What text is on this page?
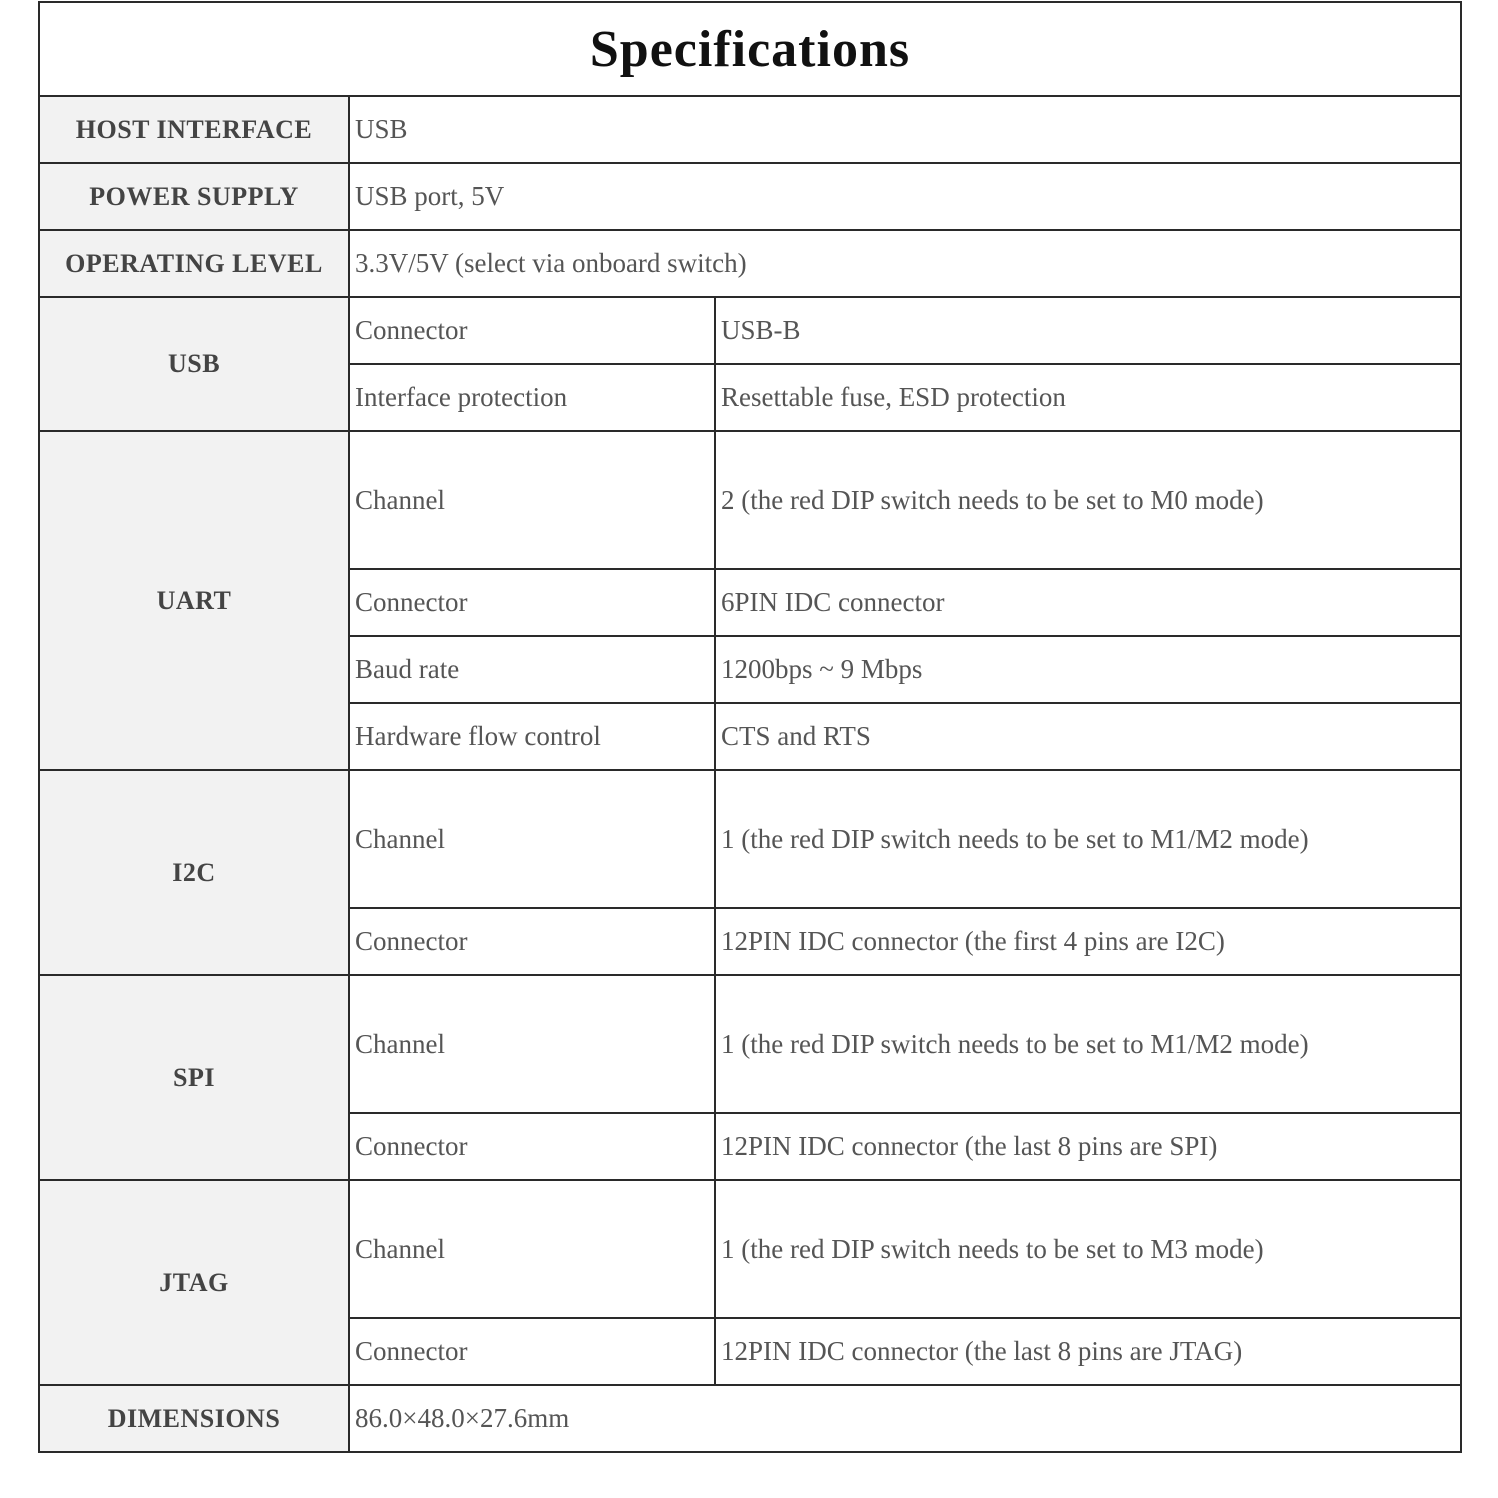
Specifications		
HOST INTERFACE	USB	
POWER SUPPLY	USB port, 5V	
OPERATING LEVEL	3.3V/5V (select via onboard switch)	
USB	Connector	USB-B
	Interface protection	Resettable fuse, ESD protection
UART	Channel	2 (the red DIP switch needs to be set to M0 mode)
	Connector	6PIN IDC connector
	Baud rate	1200bps ~ 9 Mbps
	Hardware flow control	CTS and RTS
I2C	Channel	1 (the red DIP switch needs to be set to M1/M2 mode)
	Connector	12PIN IDC connector (the first 4 pins are I2C)
SPI	Channel	1 (the red DIP switch needs to be set to M1/M2 mode)
	Connector	12PIN IDC connector (the last 8 pins are SPI)
JTAG	Channel	1 (the red DIP switch needs to be set to M3 mode)
	Connector	12PIN IDC connector (the last 8 pins are JTAG)
DIMENSIONS	86.0×48.0×27.6mm	
